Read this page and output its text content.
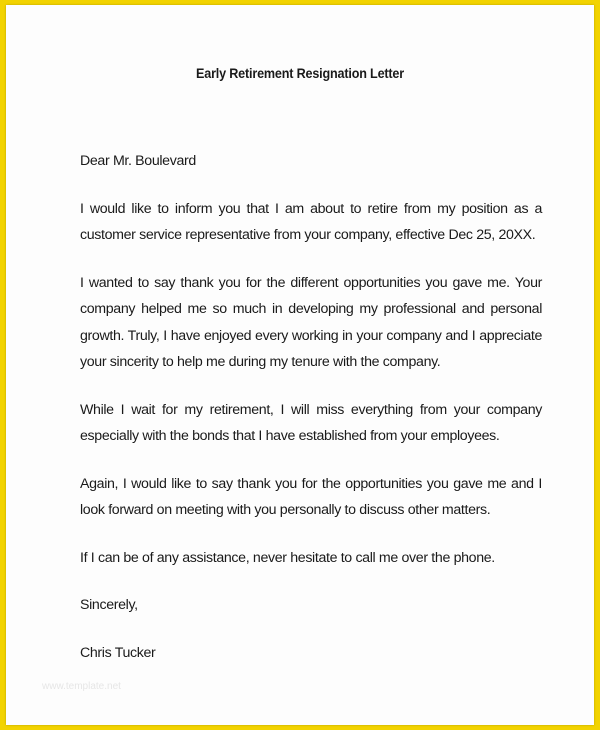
Early Retirement Resignation Letter

Dear Mr. Boulevard

I would like to inform you that I am about to retire from my position as a customer service representative from your company, effective Dec 25, 20XX.

I wanted to say thank you for the different opportunities you gave me. Your company helped me so much in developing my professional and personal growth. Truly, I have enjoyed every working in your company and I appreciate your sincerity to help me during my tenure with the company.

While I wait for my retirement, I will miss everything from your company especially with the bonds that I have established from your employees.

Again, I would like to say thank you for the opportunities you gave me and I look forward on meeting with you personally to discuss other matters.

If I can be of any assistance, never hesitate to call me over the phone.

Sincerely,

Chris Tucker

www.template.net
